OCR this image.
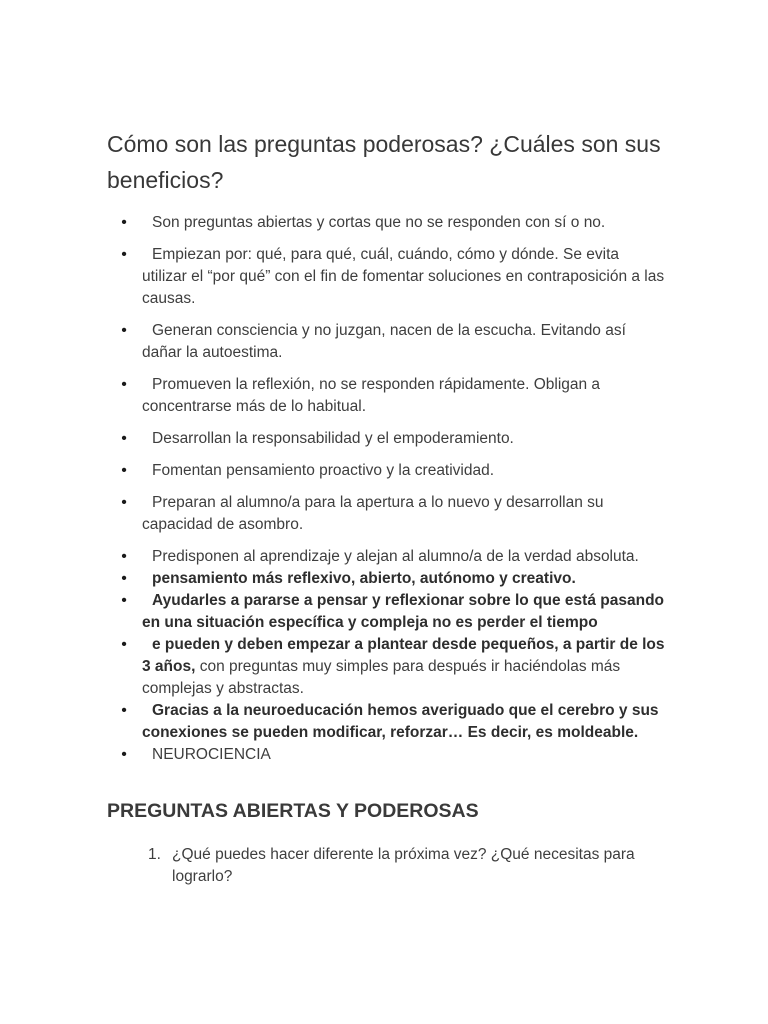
Cómo son las preguntas poderosas? ¿Cuáles son sus beneficios?
• Son preguntas abiertas y cortas que no se responden con sí o no.
• Empiezan por: qué, para qué, cuál, cuándo, cómo y dónde. Se evita utilizar el “por qué” con el fin de fomentar soluciones en contraposición a las causas.
• Generan consciencia y no juzgan, nacen de la escucha. Evitando así dañar la autoestima.
• Promueven la reflexión, no se responden rápidamente. Obligan a concentrarse más de lo habitual.
• Desarrollan la responsabilidad y el empoderamiento.
• Fomentan pensamiento proactivo y la creatividad.
• Preparan al alumno/a para la apertura a lo nuevo y desarrollan su capacidad de asombro.
• Predisponen al aprendizaje y alejan al alumno/a de la verdad absoluta.
• pensamiento más reflexivo, abierto, autónomo y creativo.
• Ayudarles a pararse a pensar y reflexionar sobre lo que está pasando en una situación específica y compleja no es perder el tiempo
• e pueden y deben empezar a plantear desde pequeños, a partir de los 3 años, con preguntas muy simples para después ir haciéndolas más complejas y abstractas.
• Gracias a la neuroeducación hemos averiguado que el cerebro y sus conexiones se pueden modificar, reforzar… Es decir, es moldeable.
• NEUROCIENCIA
PREGUNTAS ABIERTAS Y PODEROSAS
1. ¿Qué puedes hacer diferente la próxima vez? ¿Qué necesitas para lograrlo?
